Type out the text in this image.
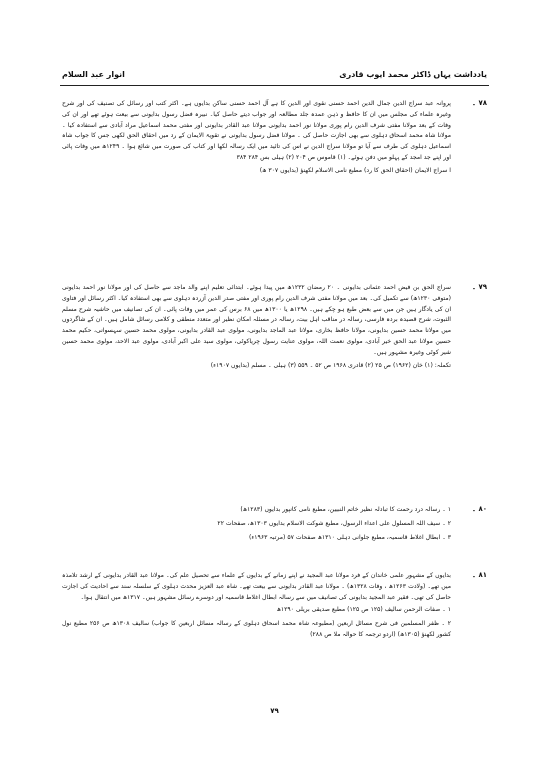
یادداشت یہاں ڈاکٹر محمد ایوب قادری
انوار عبد السلام
۷۸ ۔

پروانہ عبد سراج الدین جمال الدین احمد حسنی نقوی اور الدین کا ہے آل احمد حسنی ساکن بدایوں ہے۔ اکثر کتب اور رسائل کی تصنیف کی اور شرح وغیرہ علماء کی مجلس میں ان کا حافظ و ذہن عمدہ جلد مطالعہ اور جواب دیتے حاصل کیا۔ نبیرہ فضل رسول بدایونی سے بیعت ہوئے تھے اور ان کی وفات کے بعد مولانا مفتی شرف الدین رام پوری مولانا نور احمد بدایونی مولانا عبد القادر بدایونی اور مفتی محمد اسماعیل مراد آبادی سے استفادہ کیا ۔ مولانا شاہ محمد اسحاق دہلوی سے بھی اجازت حاصل کی ۔ مولانا فضل رسول بدایونی نے تقویۃ الایمان کے رد میں احقاق الحق لکھی جس کا جواب شاہ اسماعیل دہلوی کی طرف سے آیا تو مولانا سراج الدین نے اس کی تائید میں ایک رسالہ لکھا اور کتاب کی صورت میں شائع ہوا ۔ ۱۲۴۹ھ میں وفات پائی اور اپنے جد امجد کے پہلو میں دفن ہوئے۔ (۱) قاموس ص ۲۰۴ (۲) ہیلی بس ۲۸۴ ۳۸۴

ا سراج الایمان (احقاق الحق کا رد) مطبع نامی الاسلام لکھنؤ (بدایوں ۳۰۷ ھ)

۷۹ ۔

سراج الحق بن فیض احمد عثمانی بدایونی ۔ ۲۰ رمضان ۱۲۳۲ھ میں پیدا ہوئے۔ ابتدائی تعلیم اپنے والد ماجد سے حاصل کی اور مولانا نور احمد بدایونی (متوفی ۱۲۳۰ھ) سے تکمیل کی۔ بعد میں مولانا مفتی شرف الدین رام پوری اور مفتی صدر الدین آزردہ دہلوی سے بھی استفادہ کیا۔ اکثر رسائل اور فتاوی ان کی یادگار ہیں جن میں سے بعض طبع ہو چکے ہیں۔ ۱۲۹۸ھ یا ۱۳۰۰ھ میں ۶۸ برس کی عمر میں وفات پائی۔ ان کی تصانیف میں حاشیہ شرح مسلم الثبوت، شرح قصیدہ بردہ فارسی، رسالہ در مناقب اہل بیت، رسالہ در مسئلہ امکان نظیر اور متعدد منطقی و کلامی رسائل شامل ہیں۔ ان کے شاگردوں میں مولانا محمد حسین بدایونی، مولانا حافظ بخاری، مولانا عبد الماجد بدایونی، مولوی عبد القادر بدایونی، مولوی محمد حسین سہسوانی، حکیم محمد حسین مولانا عبد الحق خیر آبادی، مولوی نعمت اللہ، مولوی عنایت رسول چریاکوٹی، مولوی سید علی اکبر آبادی، مولوی عبد الاحد، مولوی محمد حسین شیر کوٹی وغیرہ مشہور ہیں۔

تکملہ: (۱) خان (۱۹۶۲) ص ۲۵ (۲) قادری ۱۹۶۸ ص ۵۲ ۔ ۵۵۹ (۳) ہیلی ۔ مسلم (بدایوں ۱۹۰۷ء)

۸۰ ۔

۱ ۔ رسالہ درد رحمت کا تبادلہ نظیر خاتم النبیین، مطبع نامی کانپور بدایوں (۱۲۸۳ھ)

۲ ۔ سیف اللہ المسلول علی اعداء الرسول، مطبع شوکت الاسلام بدایوں ۱۳۰۳ھ، صفحات ۲۲

۳ ۔ ابطال اغلاط قاسمیہ، مطبع جلوانی دہلی ۱۳۱۰ھ صفحات ۵۷ (مرتبہ ۱۹۶۳ء)

۸۱ ۔

بدایوں کے مشہور علمی خاندان کے فرد مولانا عبد المجید نے اپنے زمانے کے بدایوں کے علماء سے تحصیل علم کی۔ مولانا عبد القادر بدایونی کے ارشد تلامذہ میں تھے۔ (ولادت ۱۲۶۳ھ ، وفات ۱۳۲۸ھ) ۔ مولانا عبد القادر بدایونی سے بیعت تھے۔ شاہ عبد العزیز محدث دہلوی کے سلسلہ سند سے احادیث کی اجازت حاصل کی تھی۔ فقیر عبد المجید بدایونی کی تصانیف میں سے رسالہ ابطال اغلاط قاسمیہ اور دوسرے رسائل مشہور ہیں۔ ۱۳۱۷ھ میں انتقال ہوا۔

۱ ۔ صفات الرحمن سالیف (۱۲۵ ص ۱۲۵) مطبع صدیقی بریلی ۱۲۹۰ھ

۲ ۔ ظفر المسلمین فی شرح مسائل اربعین (مطبوعہ شاہ محمد اسحاق دہلوی کے رسالہ مسائل اربعین کا جواب) سالیف ۱۳۰۸ھ ص ۲۵۶ مطبع نول کشور لکھنؤ (۱۳۰۵ھ) (اردو ترجمہ کا حوالہ ملا ص ۲۸۸)

۷۹
